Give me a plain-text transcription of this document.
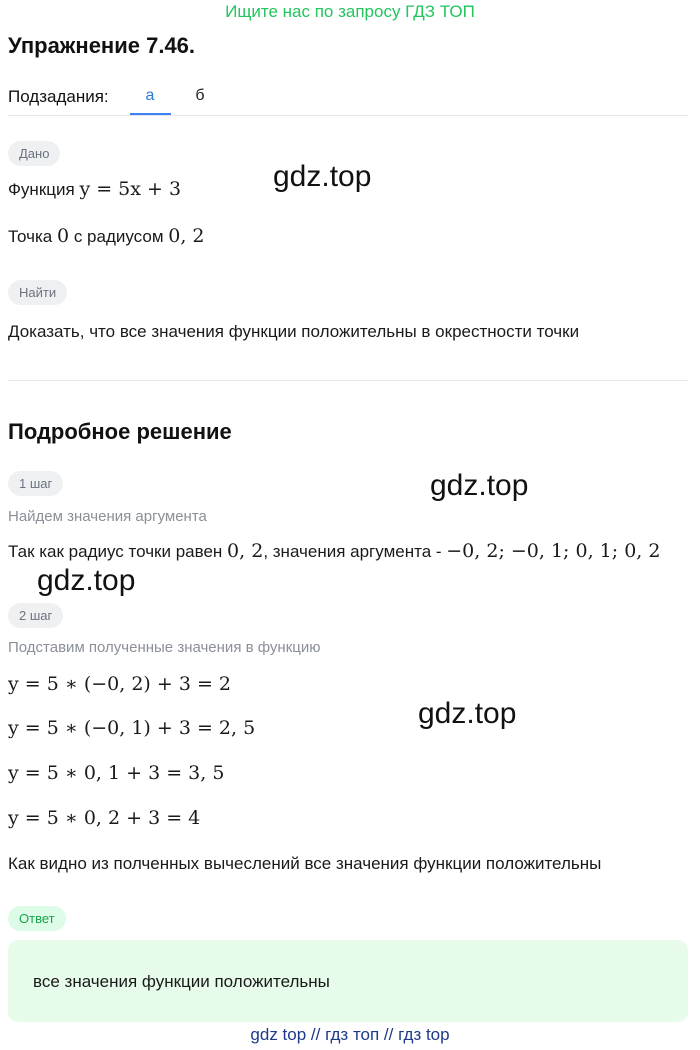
Ищите нас по запросу ГДЗ ТОП
Упражнение 7.46.
Подзадания:	а	б
Дано
Функция y = 5x + 3
Точка 0 с радиусом 0, 2
Найти
Доказать, что все значения функции положительны в окрестности точки
Подробное решение
1 шаг
Найдем значения аргумента
Так как радиус точки равен 0, 2, значения аргумента - −0, 2; −0, 1; 0, 1; 0, 2
2 шаг
Подставим полученные значения в функцию
y = 5 ∗ (−0, 2) + 3 = 2
y = 5 ∗ (−0, 1) + 3 = 2, 5
y = 5 ∗ 0, 1 + 3 = 3, 5
y = 5 ∗ 0, 2 + 3 = 4
Как видно из полченных вычеслений все значения функции положительны
Ответ
все значения функции положительны
gdz.top
gdz.top
gdz.top
gdz.top
gdz top // гдз топ // гдз top
